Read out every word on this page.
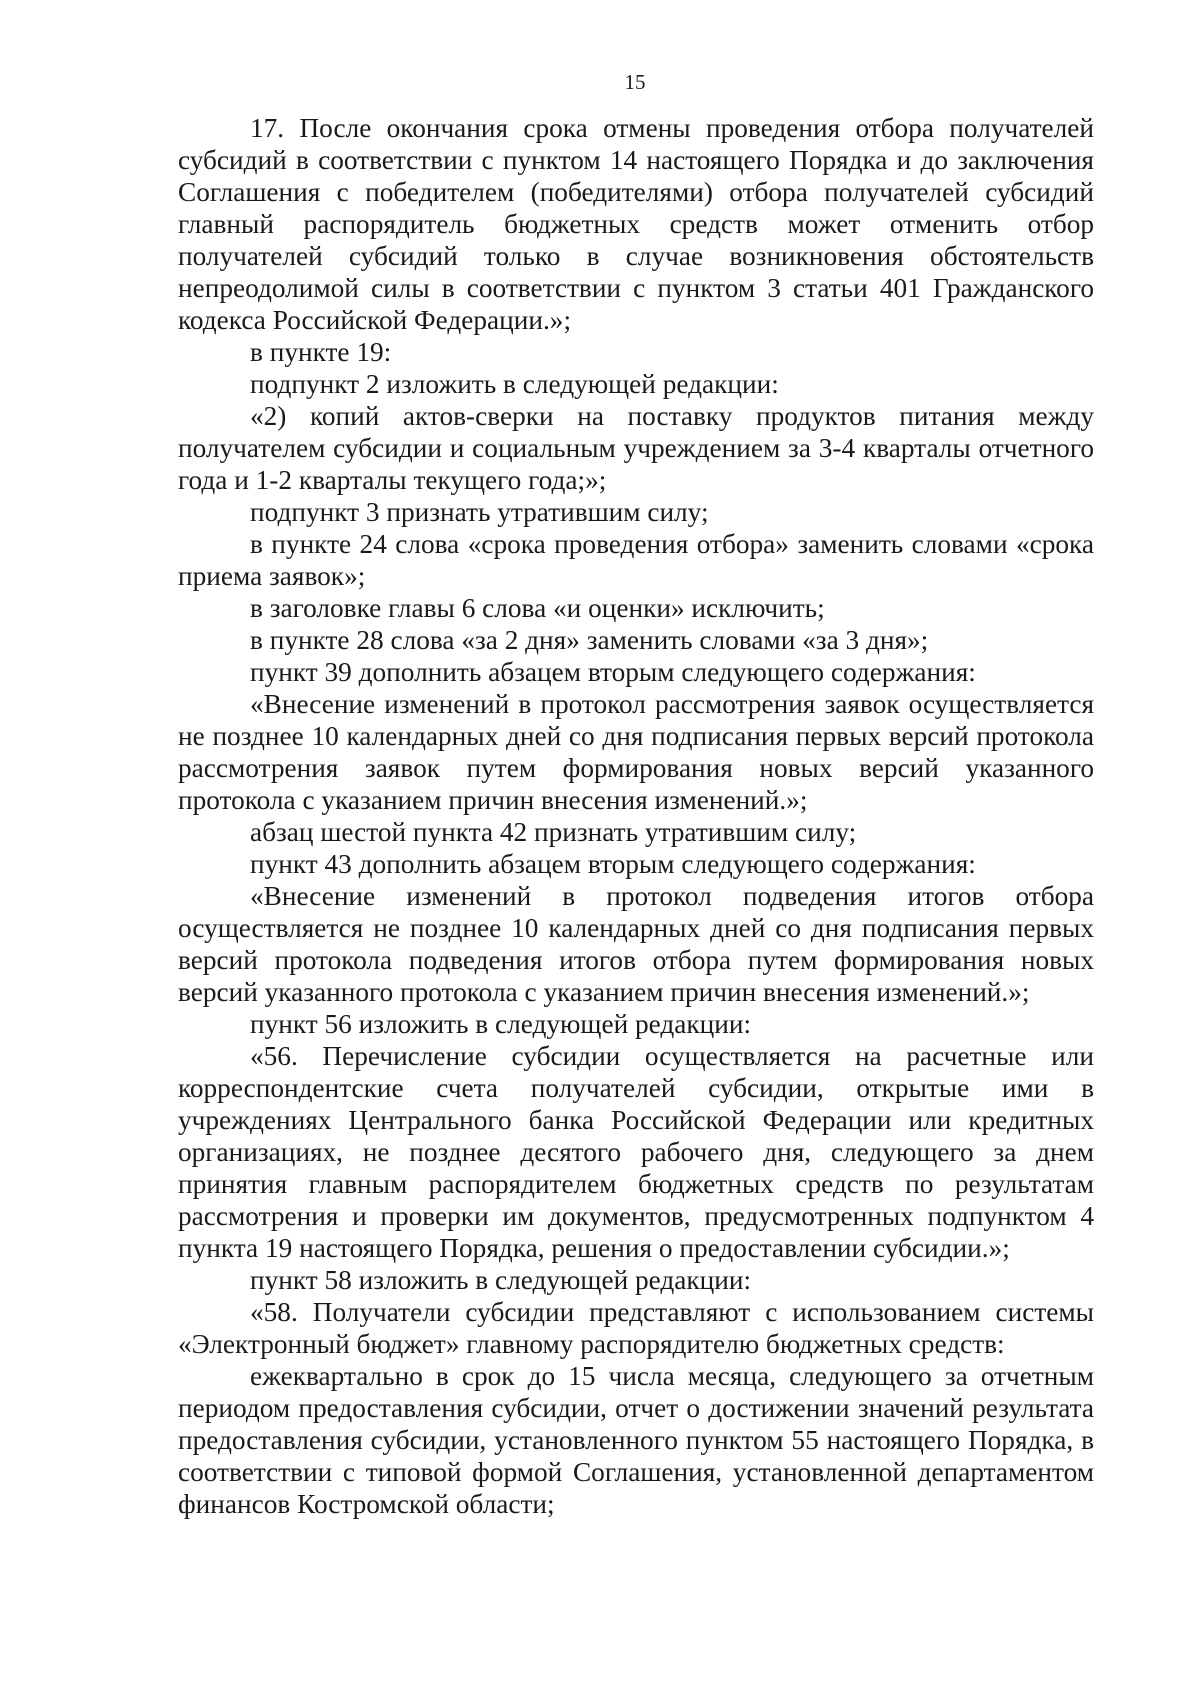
15

17. После окончания срока отмены проведения отбора получателей субсидий в соответствии с пунктом 14 настоящего Порядка и до заключения Соглашения с победителем (победителями) отбора получателей субсидий главный распорядитель бюджетных средств может отменить отбор получателей субсидий только в случае возникновения обстоятельств непреодолимой силы в соответствии с пунктом 3 статьи 401 Гражданского кодекса Российской Федерации.»;

в пункте 19:

подпункт 2 изложить в следующей редакции:

«2) копий актов-сверки на поставку продуктов питания между получателем субсидии и социальным учреждением за 3-4 кварталы отчетного года и 1-2 кварталы текущего года;»;

подпункт 3 признать утратившим силу;

в пункте 24 слова «срока проведения отбора» заменить словами «срока приема заявок»;

в заголовке главы 6 слова «и оценки» исключить;

в пункте 28 слова «за 2 дня» заменить словами «за 3 дня»;

пункт 39 дополнить абзацем вторым следующего содержания:

«Внесение изменений в протокол рассмотрения заявок осуществляется не позднее 10 календарных дней со дня подписания первых версий протокола рассмотрения заявок путем формирования новых версий указанного протокола с указанием причин внесения изменений.»;

абзац шестой пункта 42 признать утратившим силу;

пункт 43 дополнить абзацем вторым следующего содержания:

«Внесение изменений в протокол подведения итогов отбора осуществляется не позднее 10 календарных дней со дня подписания первых версий протокола подведения итогов отбора путем формирования новых версий указанного протокола с указанием причин внесения изменений.»;

пункт 56 изложить в следующей редакции:

«56. Перечисление субсидии осуществляется на расчетные или корреспондентские счета получателей субсидии, открытые ими в учреждениях Центрального банка Российской Федерации или кредитных организациях, не позднее десятого рабочего дня, следующего за днем принятия главным распорядителем бюджетных средств по результатам рассмотрения и проверки им документов, предусмотренных подпунктом 4 пункта 19 настоящего Порядка, решения о предоставлении субсидии.»;

пункт 58 изложить в следующей редакции:

«58. Получатели субсидии представляют с использованием системы «Электронный бюджет» главному распорядителю бюджетных средств:

ежеквартально в срок до 15 числа месяца, следующего за отчетным периодом предоставления субсидии, отчет о достижении значений результата предоставления субсидии, установленного пунктом 55 настоящего Порядка, в соответствии с типовой формой Соглашения, установленной департаментом финансов Костромской области;
